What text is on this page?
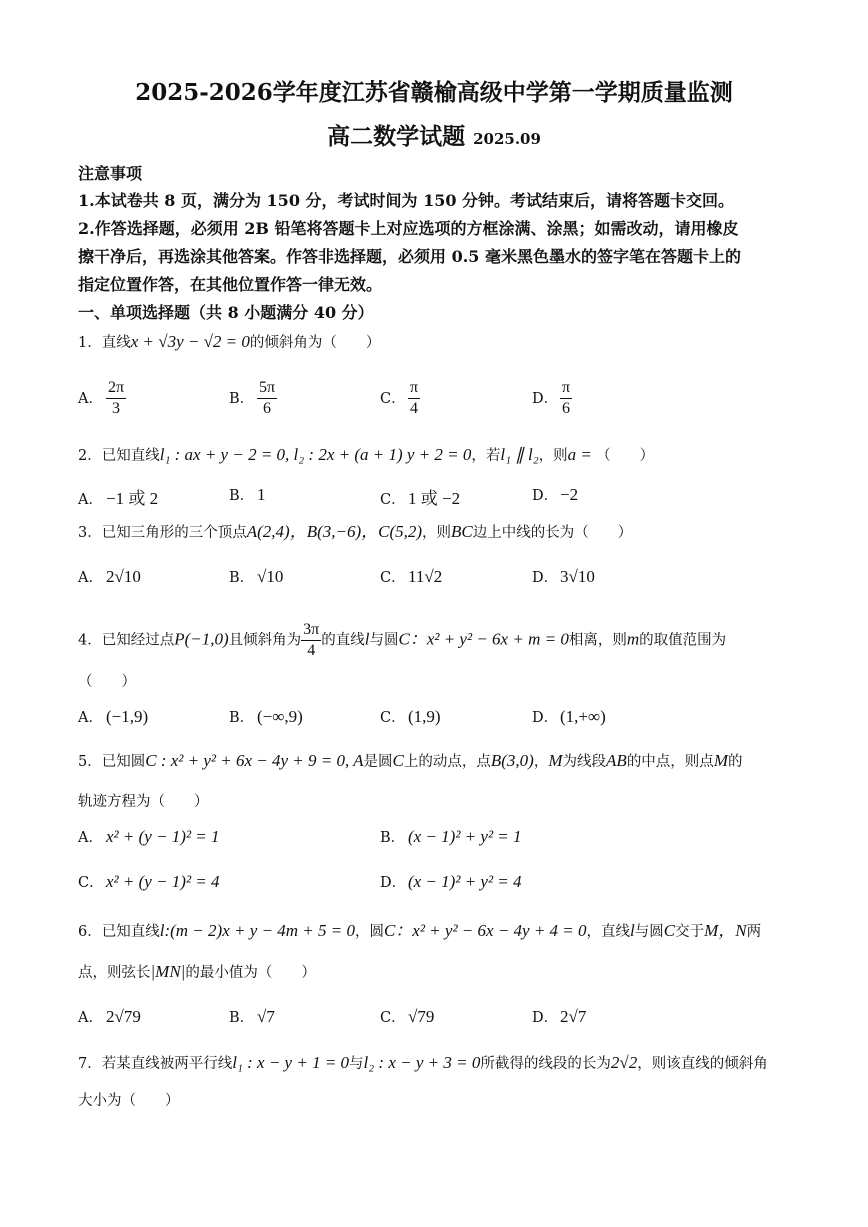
2025-2026学年度江苏省赣榆高级中学第一学期质量监测
高二数学试题 2025.09
注意事项
1.本试卷共 8 页，满分为 150 分，考试时间为 150 分钟。考试结束后，请将答题卡交回。
2.作答选择题，必须用 2B 铅笔将答题卡上对应选项的方框涂满、涂黑；如需改动，请用橡皮
擦干净后，再选涂其他答案。作答非选择题，必须用 0.5 毫米黑色墨水的签字笔在答题卡上的
指定位置作答，在其他位置作答一律无效。
一、单项选择题（共 8 小题满分 40 分）
1．直线x + √3y − √2 = 0的倾斜角为（　　）
A． $\frac{2\pi}{3}$	B． $\frac{5\pi}{6}$	C． $\frac{\pi}{4}$	D． $\frac{\pi}{6}$
2．已知直线l₁ : ax + y − 2 = 0, l₂ : 2x + (a + 1) y + 2 = 0，若l₁ ∥ l₂，则a = （　　）
A． −1 或 2	B． 1	C． 1 或 −2	D． −2
3．已知三角形的三个顶点A(2,4)，B(3,−6)，C(5,2)，则BC边上中线的长为（　　）
A． 2√10	B． √10	C． 11√2	D． 3√10
4．已知经过点P(−1,0)且倾斜角为 $\frac{3\pi}{4}$ 的直线l与圆C：x² + y² − 6x + m = 0相离，则m的取值范围为
（　　）
A． (−1,9)	B． (−∞,9)	C． (1,9)	D． (1,+∞)
5．已知圆C : x² + y² + 6x − 4y + 9 = 0, A是圆C上的动点，点B(3,0)，M为线段AB的中点，则点M的
轨迹方程为（　　）
A． x² + (y − 1)² = 1	B． (x − 1)² + y² = 1
C． x² + (y − 1)² = 4	D． (x − 1)² + y² = 4
6．已知直线l:(m − 2)x + y − 4m + 5 = 0，圆C：x² + y² − 6x − 4y + 4 = 0，直线l与圆C交于M，N两
点，则弦长|MN|的最小值为（　　）
A． 2√79	B． √7	C． √79	D． 2√7
7．若某直线被两平行线l₁ : x − y + 1 = 0与l₂ : x − y + 3 = 0所截得的线段的长为2√2，则该直线的倾斜角
大小为（　　）
